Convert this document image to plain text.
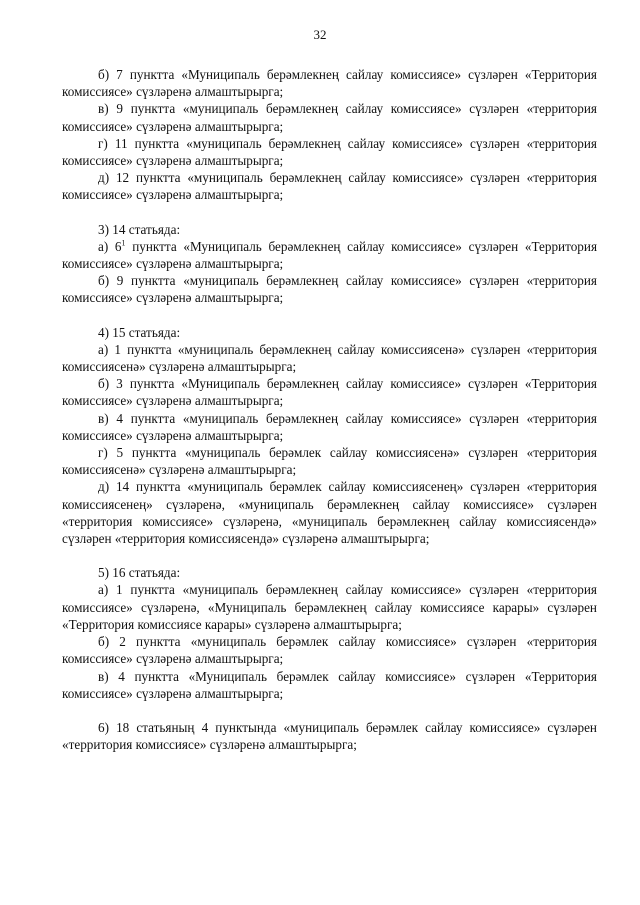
32

б) 7 пунктта «Муниципаль берәмлекнең сайлау комиссиясе» сүзләрен «Территория комиссиясе» сүзләренә алмаштырырга;

в) 9 пунктта «муниципаль берәмлекнең сайлау комиссиясе» сүзләрен «территория комиссиясе» сүзләренә алмаштырырга;

г) 11 пунктта «муниципаль берәмлекнең сайлау комиссиясе» сүзләрен «территория комиссиясе» сүзләренә алмаштырырга;

д) 12 пунктта «муниципаль берәмлекнең сайлау комиссиясе» сүзләрен «территория комиссиясе» сүзләренә алмаштырырга;

3) 14 статьяда:

а) $6^1$ пунктта «Муниципаль берәмлекнең сайлау комиссиясе» сүзләрен «Территория комиссиясе» сүзләренә алмаштырырга;

б) 9 пунктта «муниципаль берәмлекнең сайлау комиссиясе» сүзләрен «территория комиссиясе» сүзләренә алмаштырырга;

4) 15 статьяда:

а) 1 пунктта «муниципаль берәмлекнең сайлау комиссиясенә» сүзләрен «территория комиссиясенә» сүзләренә алмаштырырга;

б) 3 пунктта «Муниципаль берәмлекнең сайлау комиссиясе» сүзләрен «Территория комиссиясе» сүзләренә алмаштырырга;

в) 4 пунктта «муниципаль берәмлекнең сайлау комиссиясе» сүзләрен «территория комиссиясе» сүзләренә алмаштырырга;

г) 5 пунктта «муниципаль берәмлек сайлау комиссиясенә» сүзләрен «территория комиссиясенә» сүзләренә алмаштырырга;

д) 14 пунктта «муниципаль берәмлек сайлау комиссиясенең» сүзләрен «территория комиссиясенең» сүзләренә, «муниципаль берәмлекнең сайлау комиссиясе» сүзләрен «территория комиссиясе» сүзләренә, «муниципаль берәмлекнең сайлау комиссиясендә» сүзләрен «территория комиссиясендә» сүзләренә алмаштырырга;

5) 16 статьяда:

а) 1 пунктта «муниципаль берәмлекнең сайлау комиссиясе» сүзләрен «территория комиссиясе» сүзләренә, «Муниципаль берәмлекнең сайлау комиссиясе карары» сүзләрен «Территория комиссиясе карары» сүзләренә алмаштырырга;

б) 2 пунктта «муниципаль берәмлек сайлау комиссиясе» сүзләрен «территория комиссиясе» сүзләренә алмаштырырга;

в) 4 пунктта «Муниципаль берәмлек сайлау комиссиясе» сүзләрен «Территория комиссиясе» сүзләренә алмаштырырга;

6) 18 статьяның 4 пунктында «муниципаль берәмлек сайлау комиссиясе» сүзләрен «территория комиссиясе» сүзләренә алмаштырырга;
